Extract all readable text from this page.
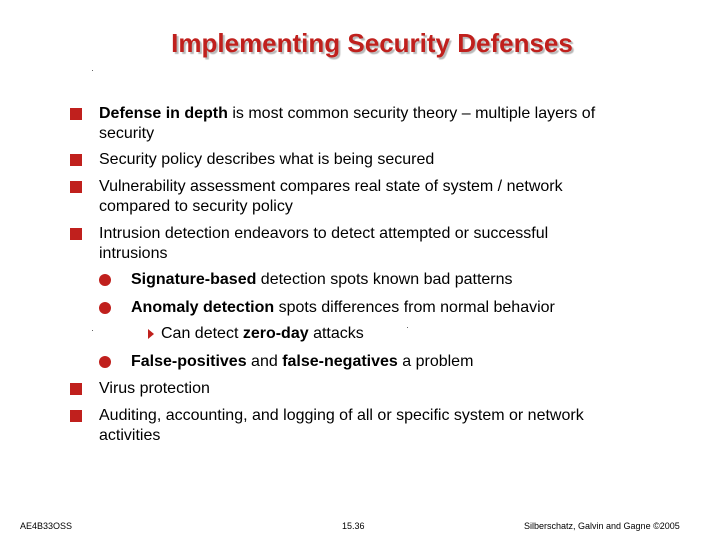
Implementing Security Defenses
Defense in depth is most common security theory – multiple layers of
security
Security policy describes what is being secured
Vulnerability assessment compares real state of system / network
compared to security policy
Intrusion detection endeavors to detect attempted or successful
intrusions
Signature-based detection spots known bad patterns
Anomaly detection spots differences from normal behavior
Can detect zero-day attacks
False-positives and false-negatives a problem
Virus protection
Auditing, accounting, and logging of all or specific system or network
activities
AE4B33OSS	15.36	Silberschatz, Galvin and Gagne ©2005
